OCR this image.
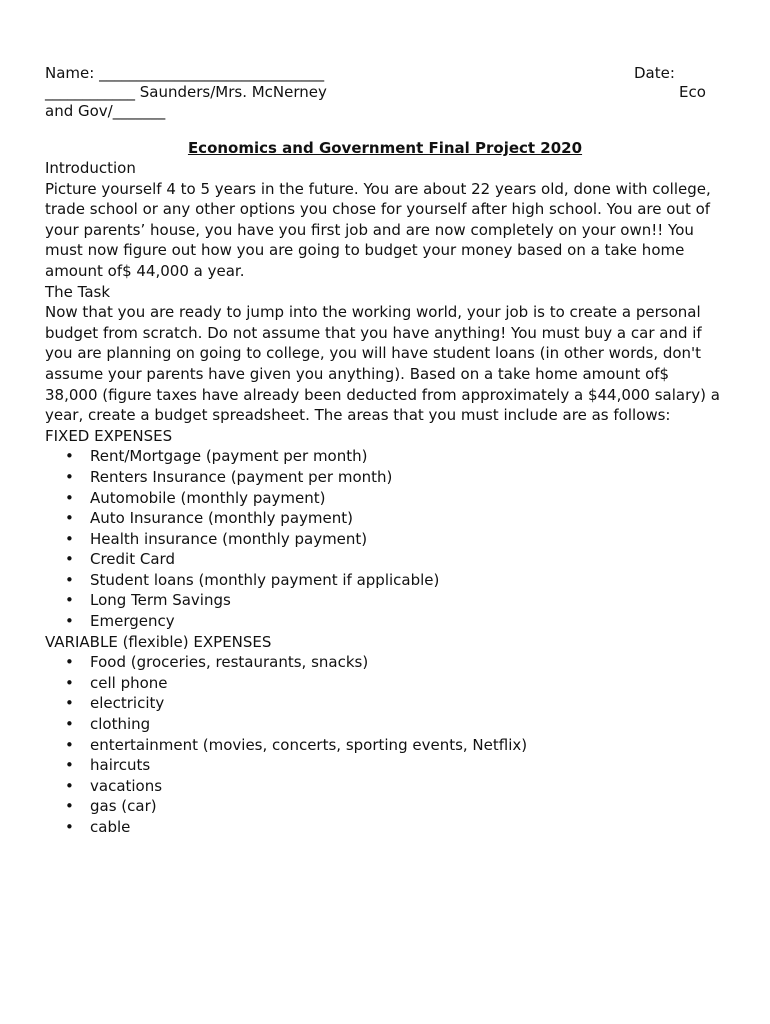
Name: ______________________________	Date:
____________ Saunders/Mrs. McNerney	Eco
and Gov/_______
Economics and Government Final Project 2020
Introduction

Picture yourself 4 to 5 years in the future. You are about 22 years old, done with college, trade school or any other options you chose for yourself after high school. You are out of your parents’ house, you have you first job and are now completely on your own!! You must now figure out how you are going to budget your money based on a take home amount of$ 44,000 a year.

The Task

Now that you are ready to jump into the working world, your job is to create a personal budget from scratch. Do not assume that you have anything! You must buy a car and if you are planning on going to college, you will have student loans (in other words, don't assume your parents have given you anything). Based on a take home amount of$ 38,000 (figure taxes have already been deducted from approximately a $44,000 salary) a year, create a budget spreadsheet. The areas that you must include are as follows:

FIXED EXPENSES
• Rent/Mortgage (payment per month)
• Renters Insurance (payment per month)
• Automobile (monthly payment)
• Auto Insurance (monthly payment)
• Health insurance (monthly payment)
• Credit Card
• Student loans (monthly payment if applicable)
• Long Term Savings
• Emergency
VARIABLE (flexible) EXPENSES
• Food (groceries, restaurants, snacks)
• cell phone
• electricity
• clothing
• entertainment (movies, concerts, sporting events, Netflix)
• haircuts
• vacations
• gas (car)
• cable
